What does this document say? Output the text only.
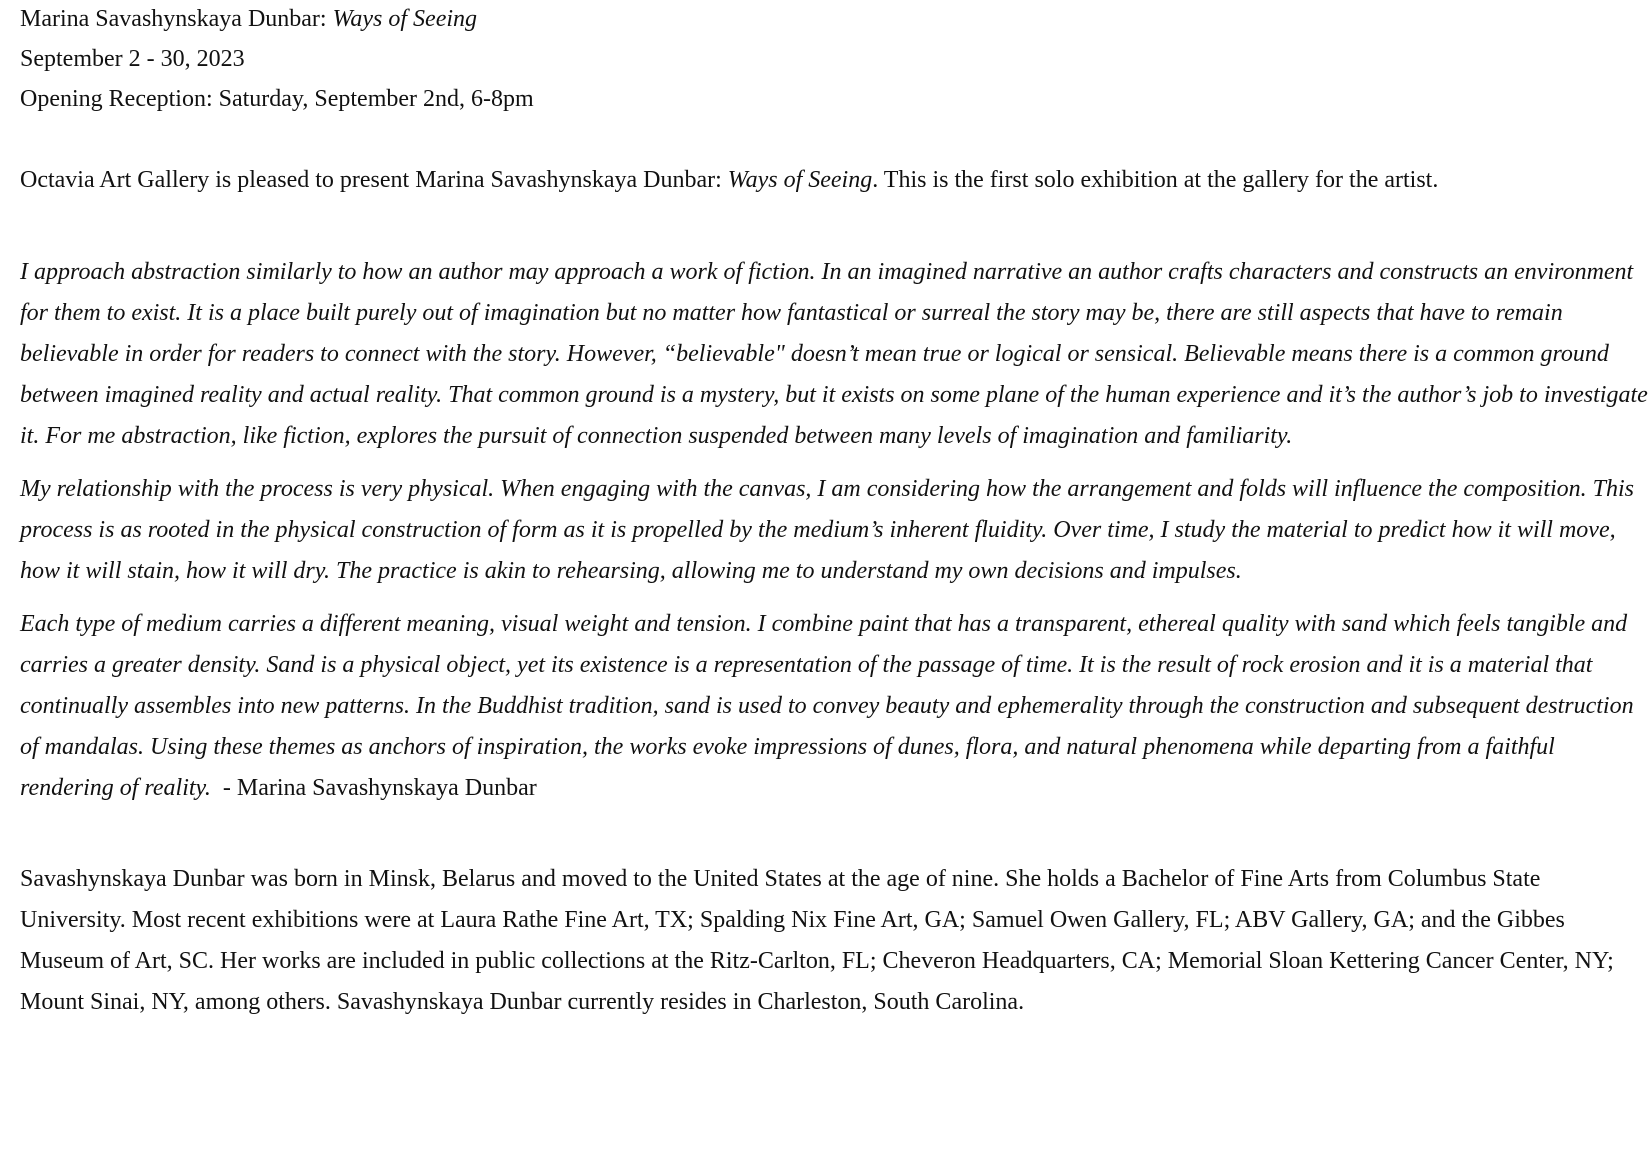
Marina Savashynskaya Dunbar: Ways of Seeing

September 2 - 30, 2023

Opening Reception: Saturday, September 2nd, 6-8pm

Octavia Art Gallery is pleased to present Marina Savashynskaya Dunbar: Ways of Seeing. This is the first solo exhibition at the gallery for the artist.

I approach abstraction similarly to how an author may approach a work of fiction. In an imagined narrative an author crafts characters and constructs an environment for them to exist. It is a place built purely out of imagination but no matter how fantastical or surreal the story may be, there are still aspects that have to remain believable in order for readers to connect with the story. However, “believable" doesn’t mean true or logical or sensical. Believable means there is a common ground between imagined reality and actual reality. That common ground is a mystery, but it exists on some plane of the human experience and it’s the author’s job to investigate it. For me abstraction, like fiction, explores the pursuit of connection suspended between many levels of imagination and familiarity.

My relationship with the process is very physical. When engaging with the canvas, I am considering how the arrangement and folds will influence the composition. This process is as rooted in the physical construction of form as it is propelled by the medium’s inherent fluidity. Over time, I study the material to predict how it will move, how it will stain, how it will dry. The practice is akin to rehearsing, allowing me to understand my own decisions and impulses.

Each type of medium carries a different meaning, visual weight and tension. I combine paint that has a transparent, ethereal quality with sand which feels tangible and carries a greater density. Sand is a physical object, yet its existence is a representation of the passage of time. It is the result of rock erosion and it is a material that continually assembles into new patterns. In the Buddhist tradition, sand is used to convey beauty and ephemerality through the construction and subsequent destruction of mandalas. Using these themes as anchors of inspiration, the works evoke impressions of dunes, flora, and natural phenomena while departing from a faithful rendering of reality.  - Marina Savashynskaya Dunbar

Savashynskaya Dunbar was born in Minsk, Belarus and moved to the United States at the age of nine. She holds a Bachelor of Fine Arts from Columbus State University. Most recent exhibitions were at Laura Rathe Fine Art, TX; Spalding Nix Fine Art, GA; Samuel Owen Gallery, FL; ABV Gallery, GA; and the Gibbes Museum of Art, SC. Her works are included in public collections at the Ritz-Carlton, FL; Cheveron Headquarters, CA; Memorial Sloan Kettering Cancer Center, NY; Mount Sinai, NY, among others. Savashynskaya Dunbar currently resides in Charleston, South Carolina.
